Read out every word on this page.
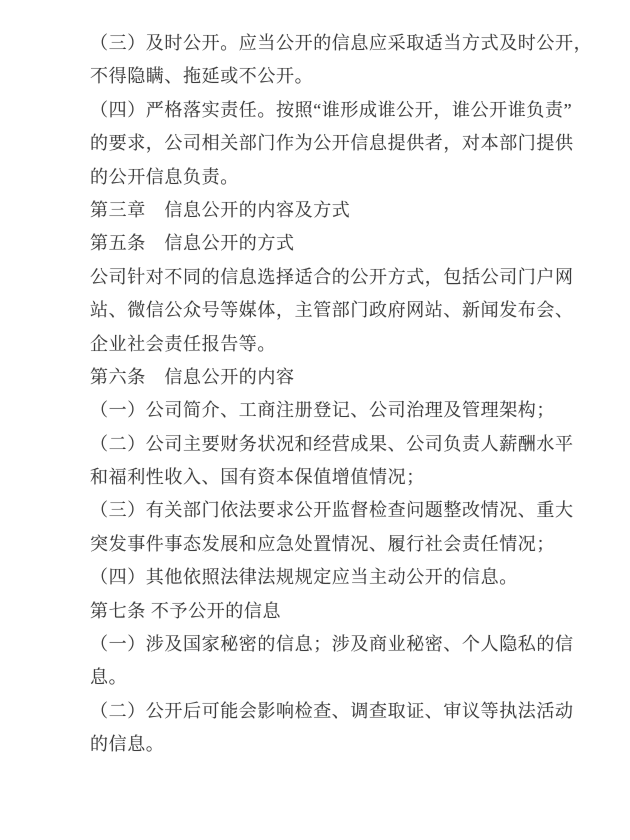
（三）及时公开。应当公开的信息应采取适当方式及时公开，
不得隐瞒、拖延或不公开。
（四）严格落实责任。按照“谁形成谁公开，谁公开谁负责”
的要求，公司相关部门作为公开信息提供者，对本部门提供
的公开信息负责。
第三章　信息公开的内容及方式
第五条　信息公开的方式
公司针对不同的信息选择适合的公开方式，包括公司门户网
站、微信公众号等媒体，主管部门政府网站、新闻发布会、
企业社会责任报告等。
第六条　信息公开的内容
（一）公司简介、工商注册登记、公司治理及管理架构；
（二）公司主要财务状况和经营成果、公司负责人薪酬水平
和福利性收入、国有资本保值增值情况；
（三）有关部门依法要求公开监督检查问题整改情况、重大
突发事件事态发展和应急处置情况、履行社会责任情况；
（四）其他依照法律法规规定应当主动公开的信息。
第七条 不予公开的信息
（一）涉及国家秘密的信息；涉及商业秘密、个人隐私的信
息。
（二）公开后可能会影响检查、调查取证、审议等执法活动
的信息。
